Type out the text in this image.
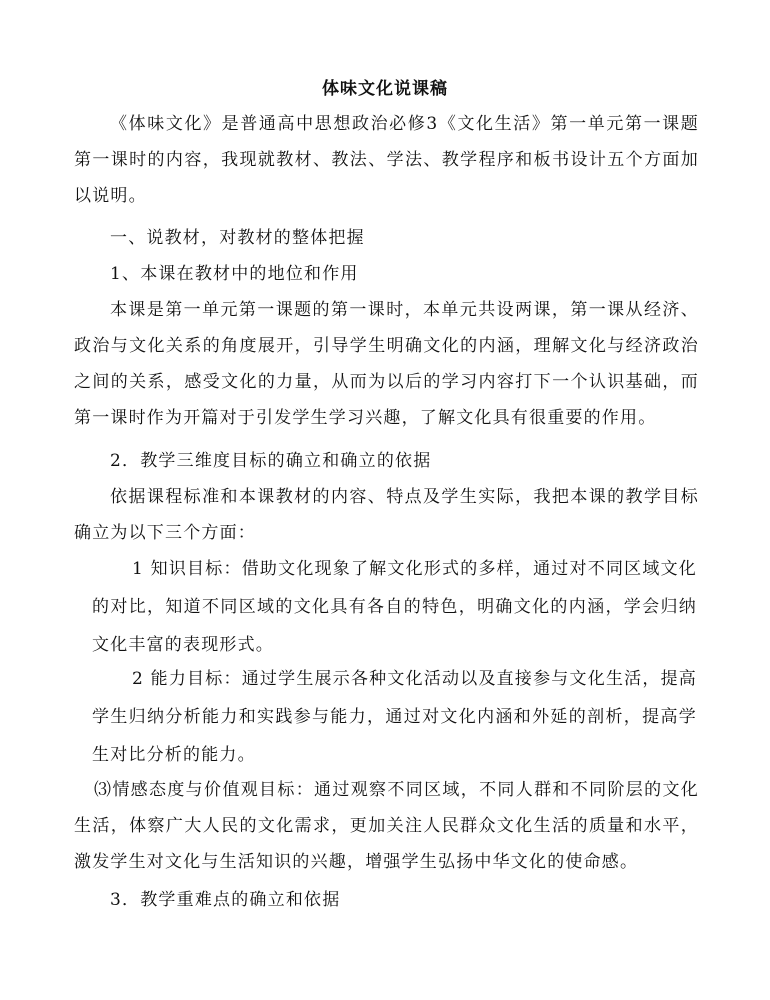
体味文化说课稿
《体味文化》是普通高中思想政治必修3《文化生活》第一单元第一课题第一课时的内容，我现就教材、教法、学法、教学程序和板书设计五个方面加以说明。
一、说教材，对教材的整体把握
1、本课在教材中的地位和作用
本课是第一单元第一课题的第一课时，本单元共设两课，第一课从经济、政治与文化关系的角度展开，引导学生明确文化的内涵，理解文化与经济政治之间的关系，感受文化的力量，从而为以后的学习内容打下一个认识基础，而第一课时作为开篇对于引发学生学习兴趣，了解文化具有很重要的作用。
2．教学三维度目标的确立和确立的依据
依据课程标准和本课教材的内容、特点及学生实际，我把本课的教学目标确立为以下三个方面：
1 知识目标：借助文化现象了解文化形式的多样，通过对不同区域文化的对比，知道不同区域的文化具有各自的特色，明确文化的内涵，学会归纳文化丰富的表现形式。
2 能力目标：通过学生展示各种文化活动以及直接参与文化生活，提高学生归纳分析能力和实践参与能力，通过对文化内涵和外延的剖析，提高学生对比分析的能力。
⑶情感态度与价值观目标：通过观察不同区域，不同人群和不同阶层的文化生活，体察广大人民的文化需求，更加关注人民群众文化生活的质量和水平，激发学生对文化与生活知识的兴趣，增强学生弘扬中华文化的使命感。
3．教学重难点的确立和依据
